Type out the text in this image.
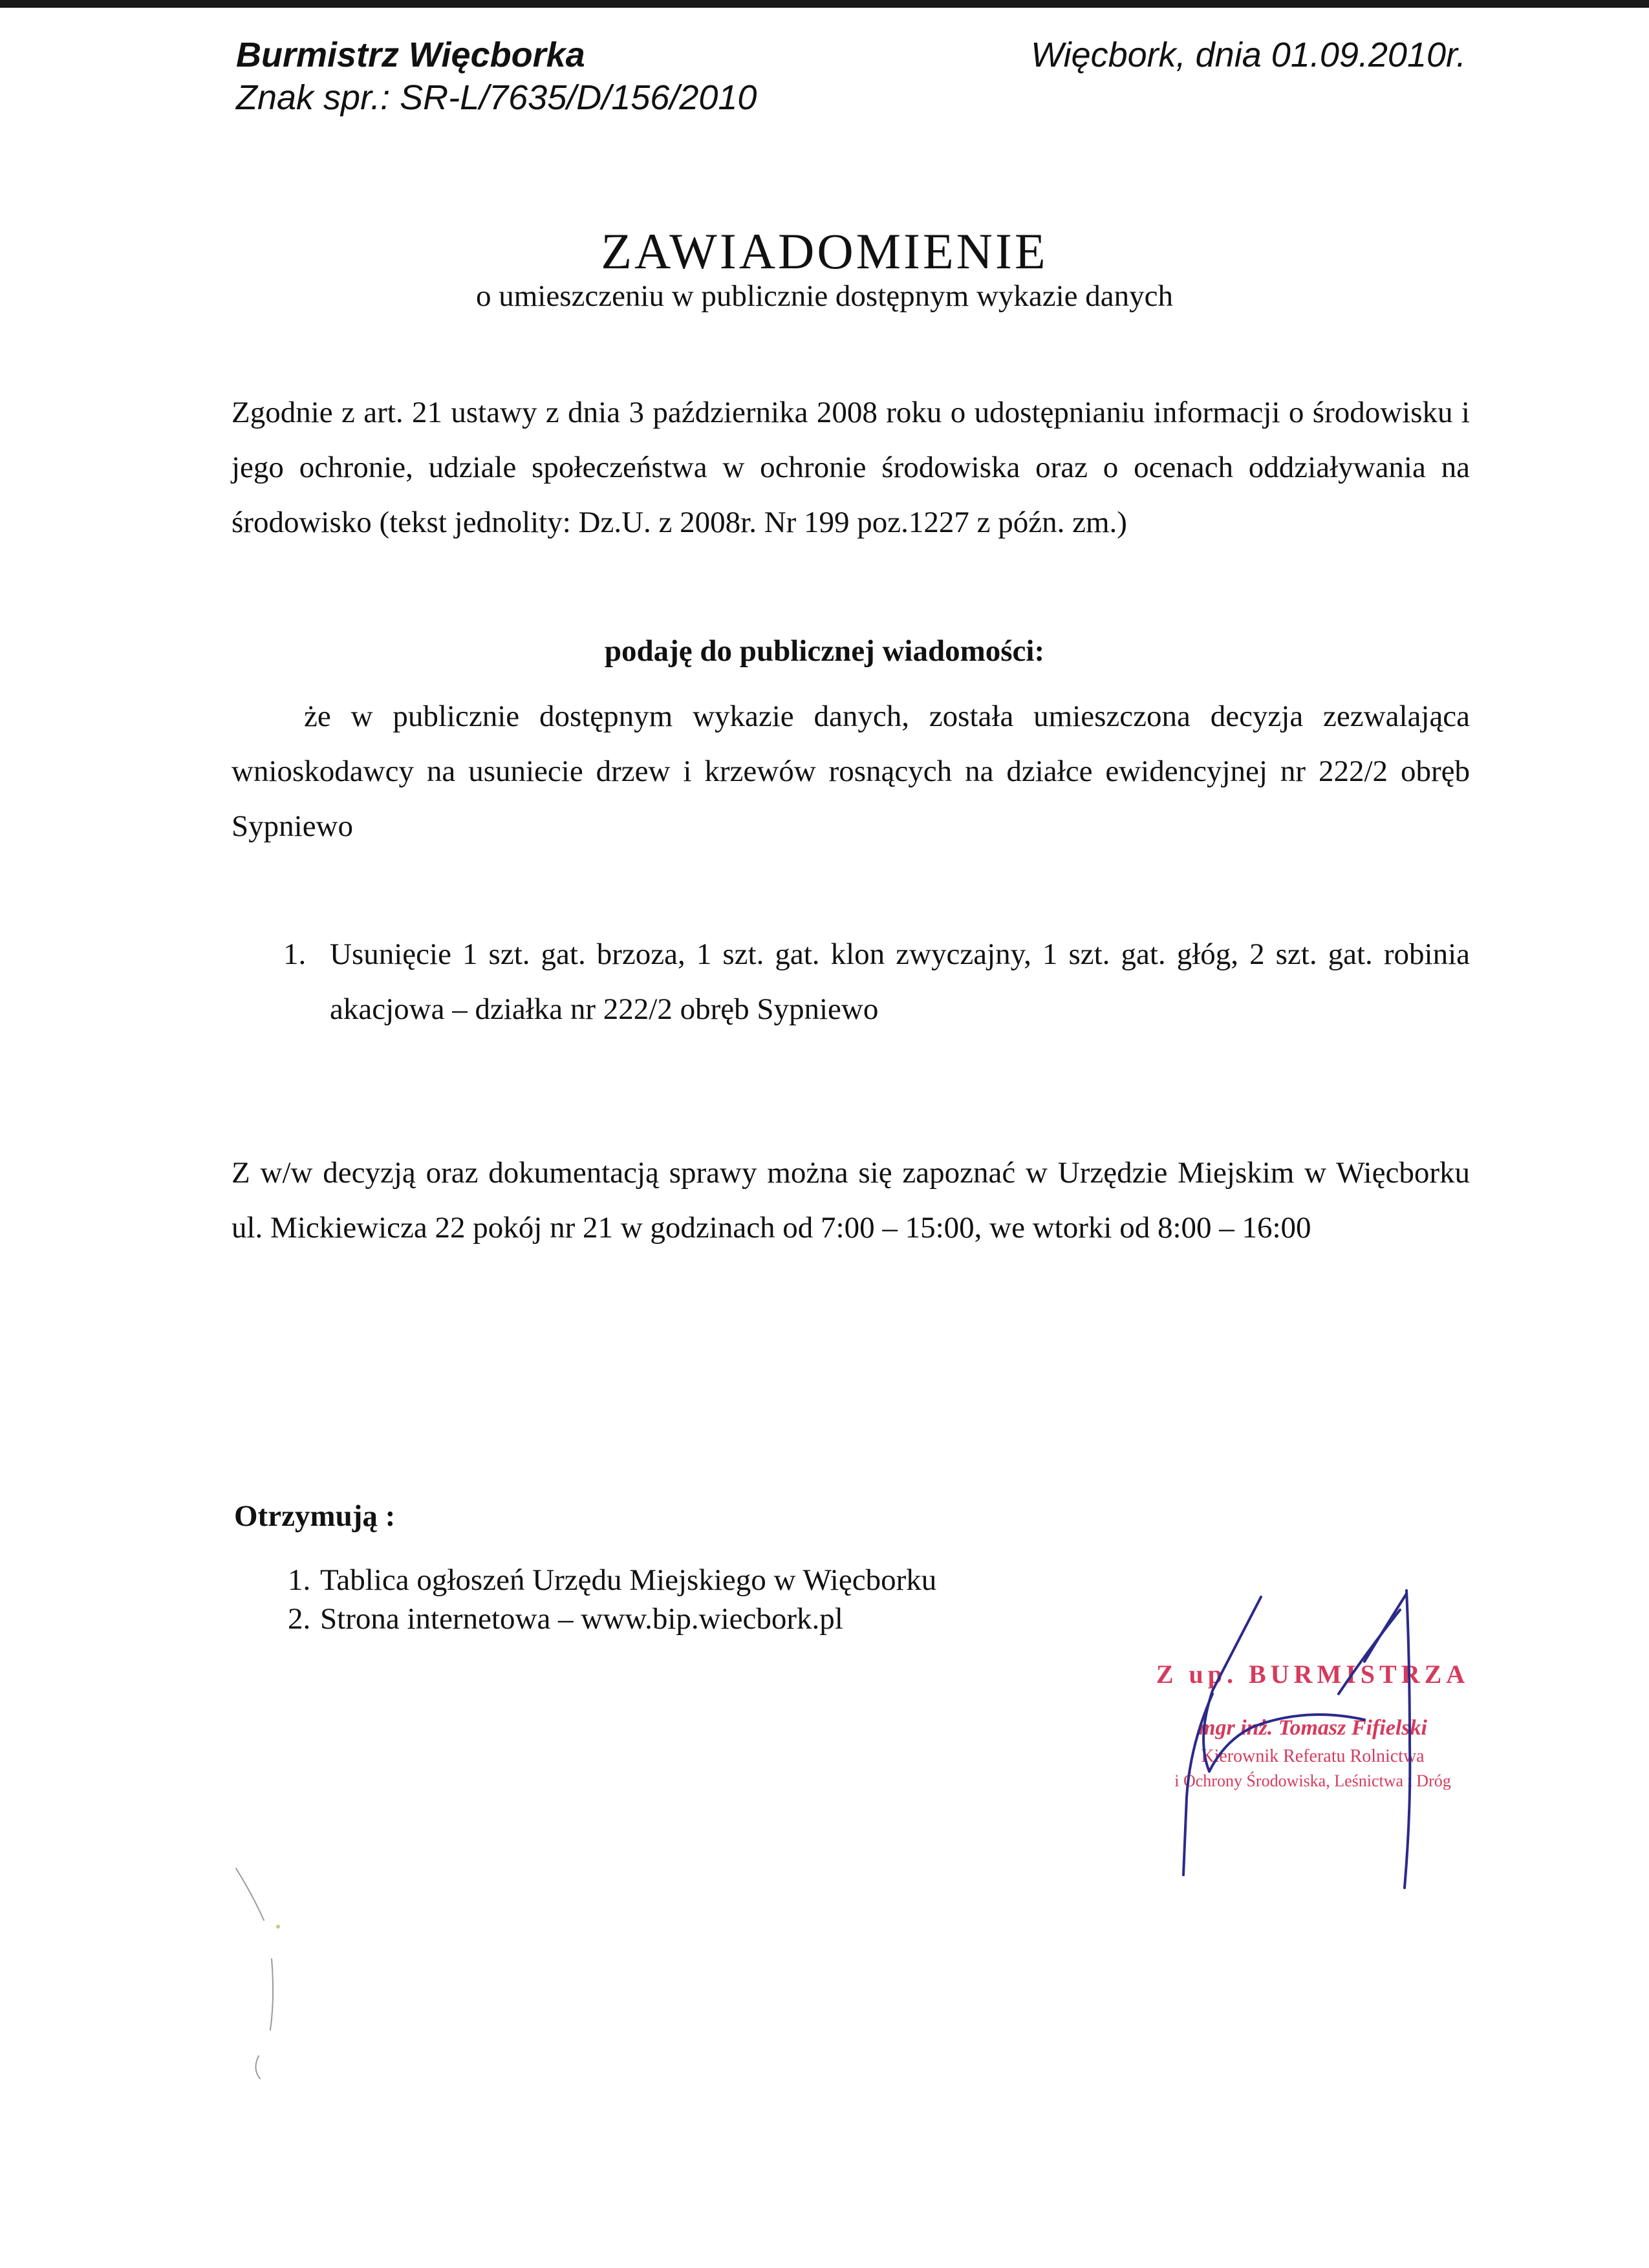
Burmistrz Więcborka
Znak spr.: SR-L/7635/D/156/2010
Więcbork, dnia 01.09.2010r.
ZAWIADOMIENIE
o umieszczeniu w publicznie dostępnym wykazie danych
Zgodnie z art. 21 ustawy z dnia 3 października 2008 roku o udostępnianiu informacji o środowisku i jego ochronie, udziale społeczeństwa w ochronie środowiska oraz o ocenach oddziaływania na środowisko (tekst jednolity: Dz.U. z 2008r. Nr 199 poz.1227 z późn. zm.)
podaję do publicznej wiadomości:
że w publicznie dostępnym wykazie danych, została umieszczona decyzja zezwalająca wnioskodawcy na usuniecie drzew i krzewów rosnących na działce ewidencyjnej nr 222/2 obręb Sypniewo
1. Usunięcie 1 szt. gat. brzoza, 1 szt. gat. klon zwyczajny, 1 szt. gat. głóg, 2 szt. gat. robinia akacjowa – działka nr 222/2 obręb Sypniewo
Z w/w decyzją oraz dokumentacją sprawy można się zapoznać w Urzędzie Miejskim w Więcborku ul. Mickiewicza 22 pokój nr 21 w godzinach od 7:00 – 15:00, we wtorki od 8:00 – 16:00
Otrzymują :
1. Tablica ogłoszeń Urzędu Miejskiego w Więcborku
2. Strona internetowa – www.bip.wiecbork.pl
Z up. BURMISTRZA
mgr inż. Tomasz Fifielski
Kierownik Referatu Rolnictwa
i Ochrony Środowiska, Leśnictwa i Dróg
